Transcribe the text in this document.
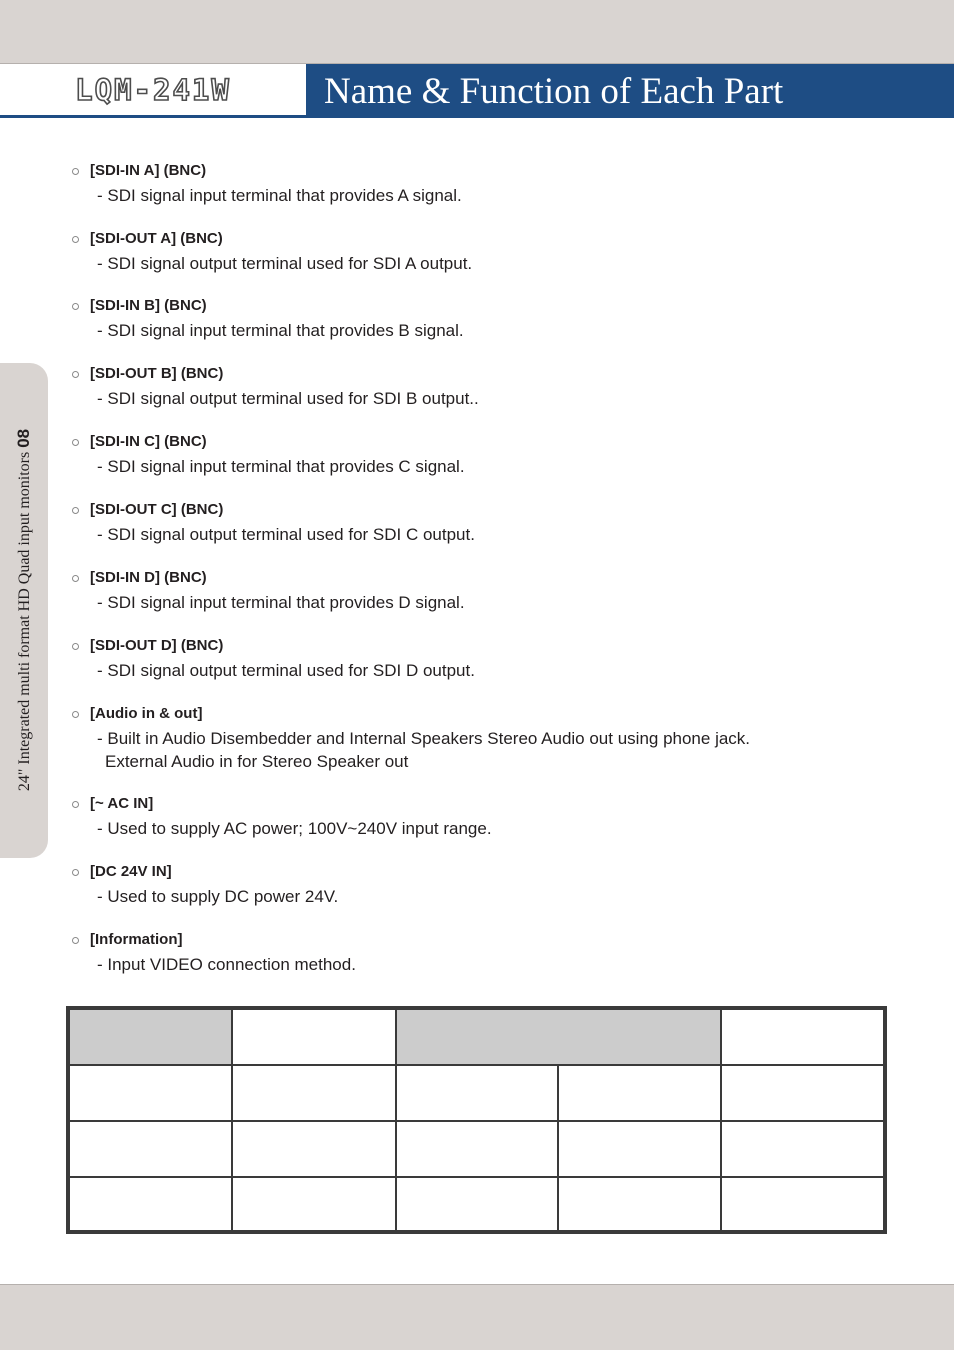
LQM-241W	Name & Function of Each Part
24" Integrated multi format HD Quad input monitors 08
[SDI-IN A] (BNC)
- SDI signal input terminal that provides A signal.
[SDI-OUT A] (BNC)
- SDI signal output terminal used for SDI A output.
[SDI-IN B] (BNC)
- SDI signal input terminal that provides B signal.
[SDI-OUT B] (BNC)
- SDI signal output terminal used for SDI B output..
[SDI-IN C] (BNC)
- SDI signal input terminal that provides C signal.
[SDI-OUT C] (BNC)
- SDI signal output terminal used for SDI C output.
[SDI-IN D] (BNC)
- SDI signal input terminal that provides D signal.
[SDI-OUT D] (BNC)
- SDI signal output terminal used for SDI D output.
[Audio in & out]
- Built in Audio Disembedder and Internal Speakers Stereo Audio out using phone jack.
External Audio in for Stereo Speaker out
[~ AC IN]
- Used to supply AC power; 100V~240V input range.
[DC 24V IN]
- Used to supply DC power 24V.
[Information]
- Input VIDEO connection method.
